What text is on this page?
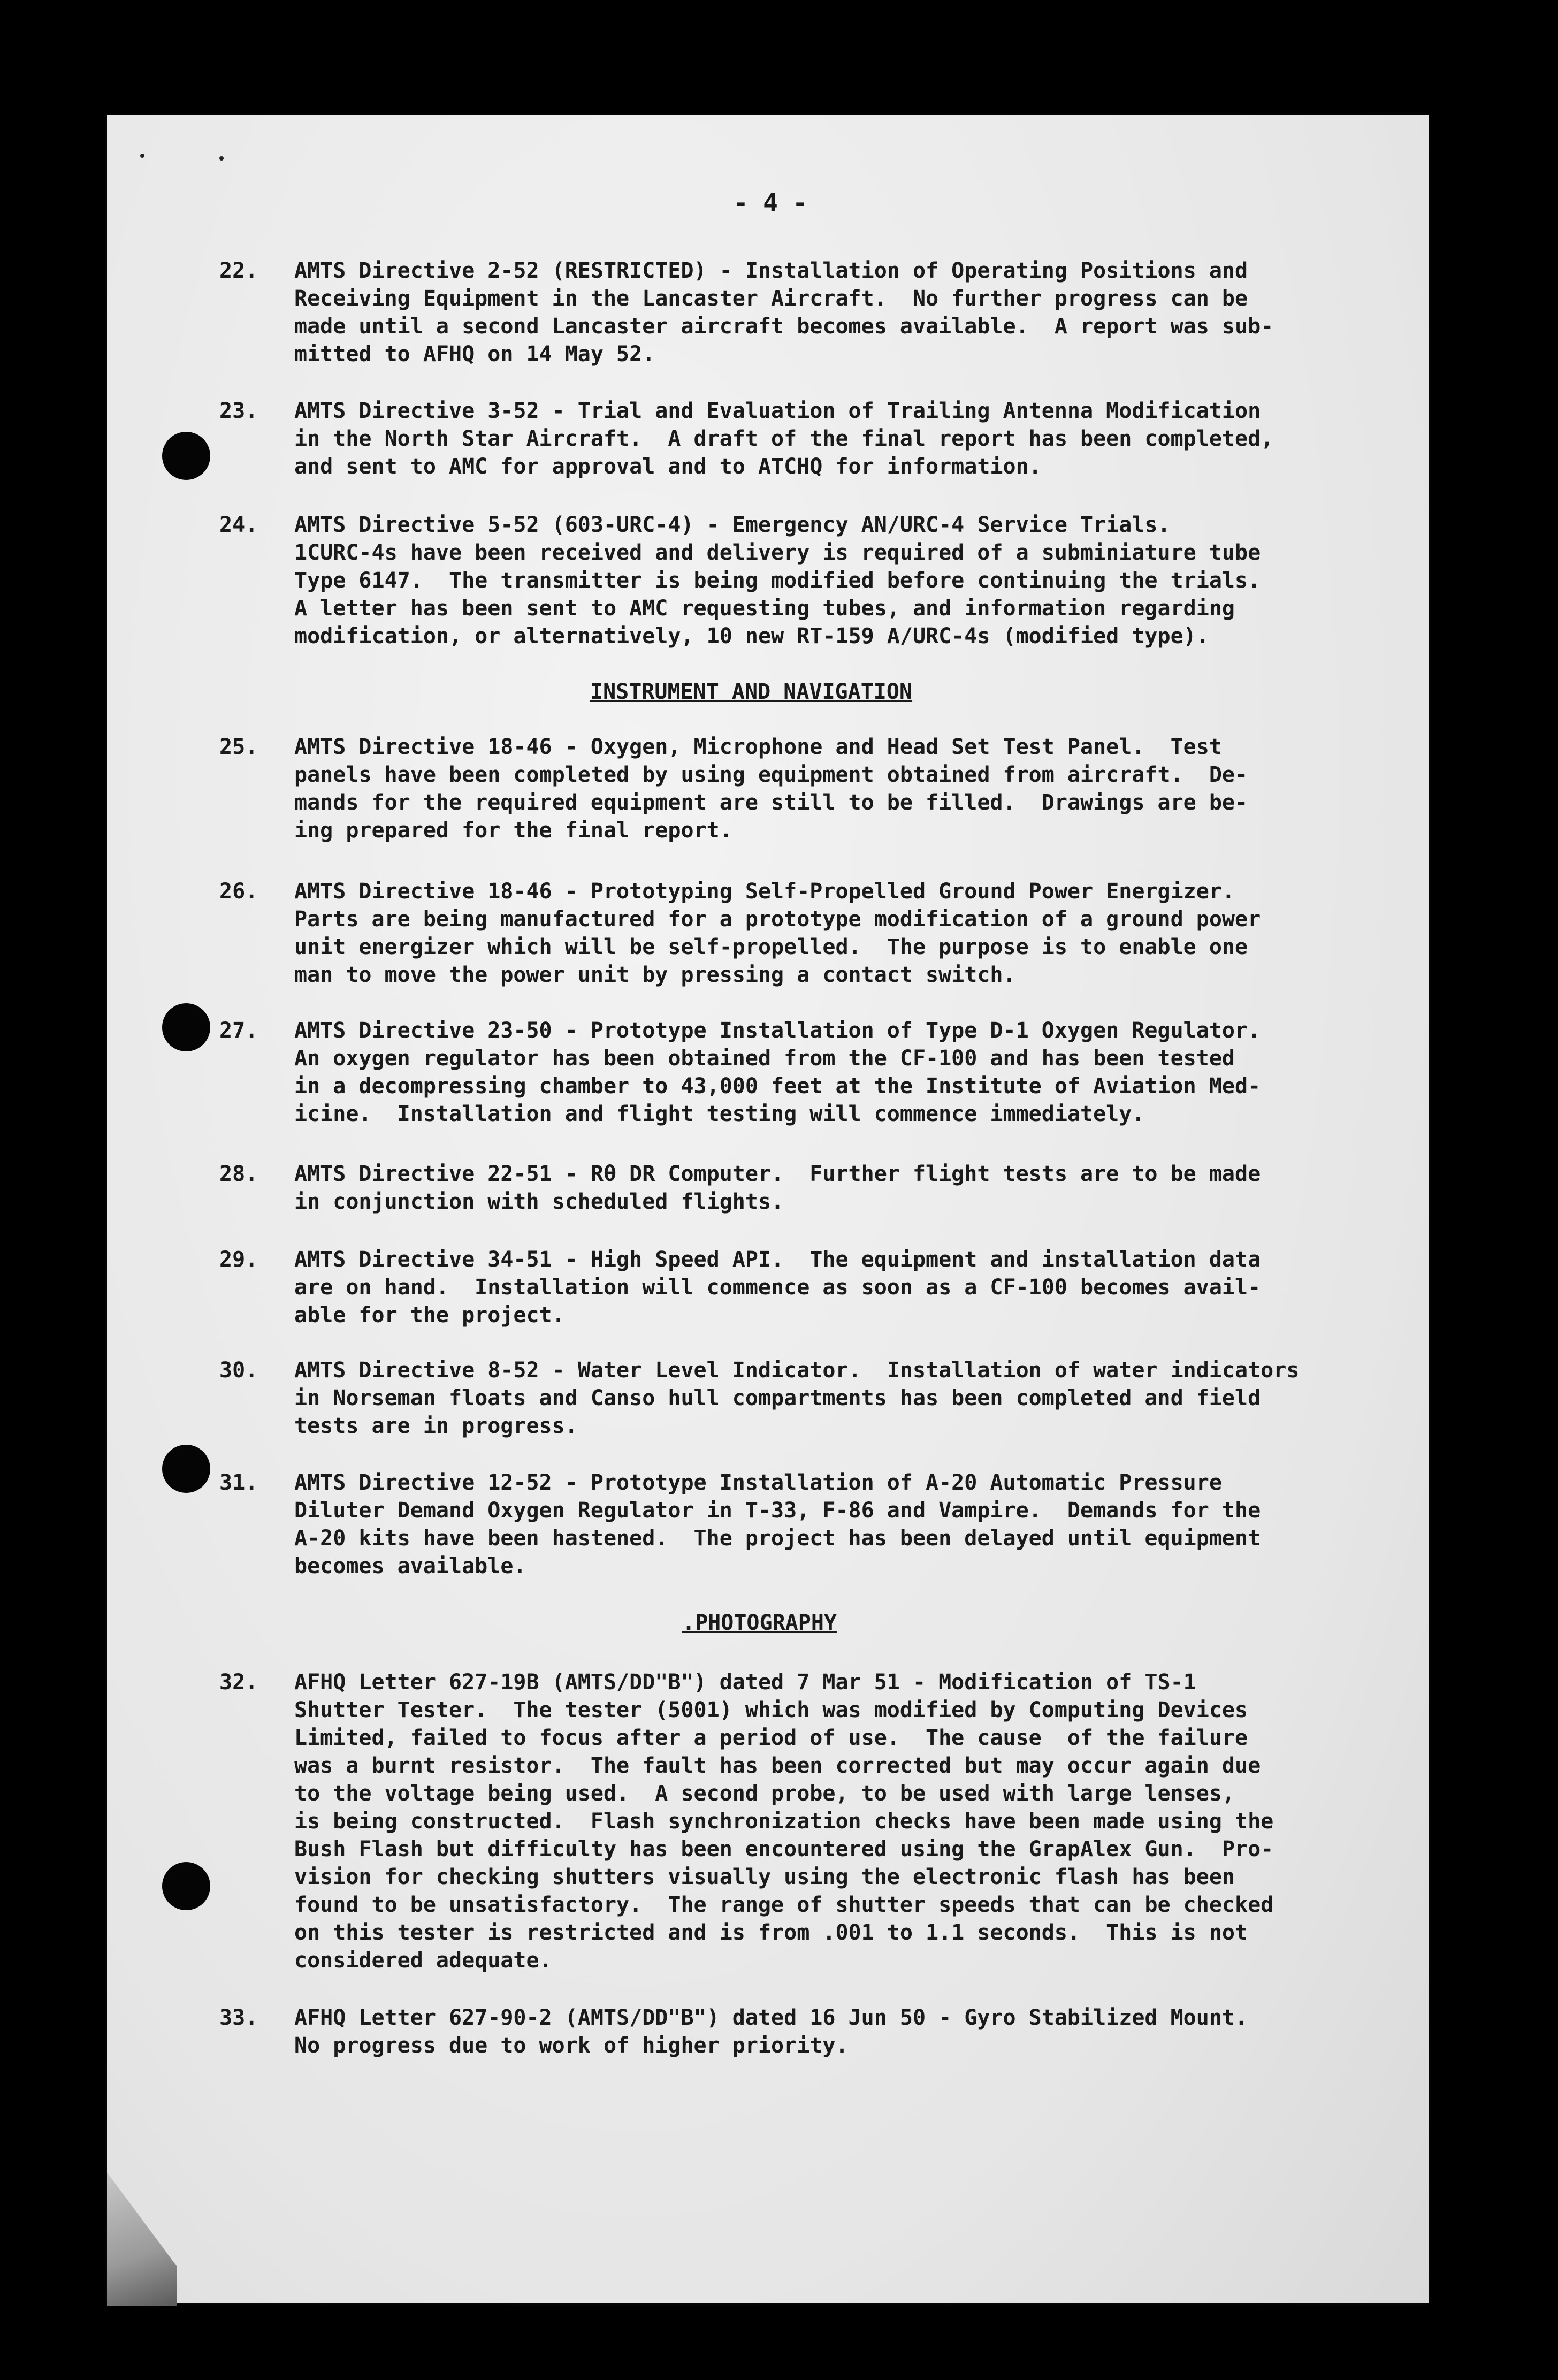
- 4 -
22.	AMTS Directive 2-52 (RESTRICTED) - Installation of Operating Positions and
Receiving Equipment in the Lancaster Aircraft.  No further progress can be
made until a second Lancaster aircraft becomes available.  A report was sub-
mitted to AFHQ on 14 May 52.
23.	AMTS Directive 3-52 - Trial and Evaluation of Trailing Antenna Modification
in the North Star Aircraft.  A draft of the final report has been completed,
and sent to AMC for approval and to ATCHQ for information.
24.	AMTS Directive 5-52 (603-URC-4) - Emergency AN/URC-4 Service Trials.
1CURC-4s have been received and delivery is required of a subminiature tube
Type 6147.  The transmitter is being modified before continuing the trials.
A letter has been sent to AMC requesting tubes, and information regarding
modification, or alternatively, 10 new RT-159 A/URC-4s (modified type).
INSTRUMENT AND NAVIGATION
25.	AMTS Directive 18-46 - Oxygen, Microphone and Head Set Test Panel.  Test
panels have been completed by using equipment obtained from aircraft.  De-
mands for the required equipment are still to be filled.  Drawings are be-
ing prepared for the final report.
26.	AMTS Directive 18-46 - Prototyping Self-Propelled Ground Power Energizer.
Parts are being manufactured for a prototype modification of a ground power
unit energizer which will be self-propelled.  The purpose is to enable one
man to move the power unit by pressing a contact switch.
27.	AMTS Directive 23-50 - Prototype Installation of Type D-1 Oxygen Regulator.
An oxygen regulator has been obtained from the CF-100 and has been tested
in a decompressing chamber to 43,000 feet at the Institute of Aviation Med-
icine.  Installation and flight testing will commence immediately.
28.	AMTS Directive 22-51 - Rθ DR Computer.  Further flight tests are to be made
in conjunction with scheduled flights.
29.	AMTS Directive 34-51 - High Speed API.  The equipment and installation data
are on hand.  Installation will commence as soon as a CF-100 becomes avail-
able for the project.
30.	AMTS Directive 8-52 - Water Level Indicator.  Installation of water indicators
in Norseman floats and Canso hull compartments has been completed and field
tests are in progress.
31.	AMTS Directive 12-52 - Prototype Installation of A-20 Automatic Pressure
Diluter Demand Oxygen Regulator in T-33, F-86 and Vampire.  Demands for the
A-20 kits have been hastened.  The project has been delayed until equipment
becomes available.
.PHOTOGRAPHY
32.	AFHQ Letter 627-19B (AMTS/DD"B") dated 7 Mar 51 - Modification of TS-1
Shutter Tester.  The tester (5001) which was modified by Computing Devices
Limited, failed to focus after a period of use.  The cause  of the failure
was a burnt resistor.  The fault has been corrected but may occur again due
to the voltage being used.  A second probe, to be used with large lenses,
is being constructed.  Flash synchronization checks have been made using the
Bush Flash but difficulty has been encountered using the GrapAlex Gun.  Pro-
vision for checking shutters visually using the electronic flash has been
found to be unsatisfactory.  The range of shutter speeds that can be checked
on this tester is restricted and is from .001 to 1.1 seconds.  This is not
considered adequate.
33.	AFHQ Letter 627-90-2 (AMTS/DD"B") dated 16 Jun 50 - Gyro Stabilized Mount.
No progress due to work of higher priority.
